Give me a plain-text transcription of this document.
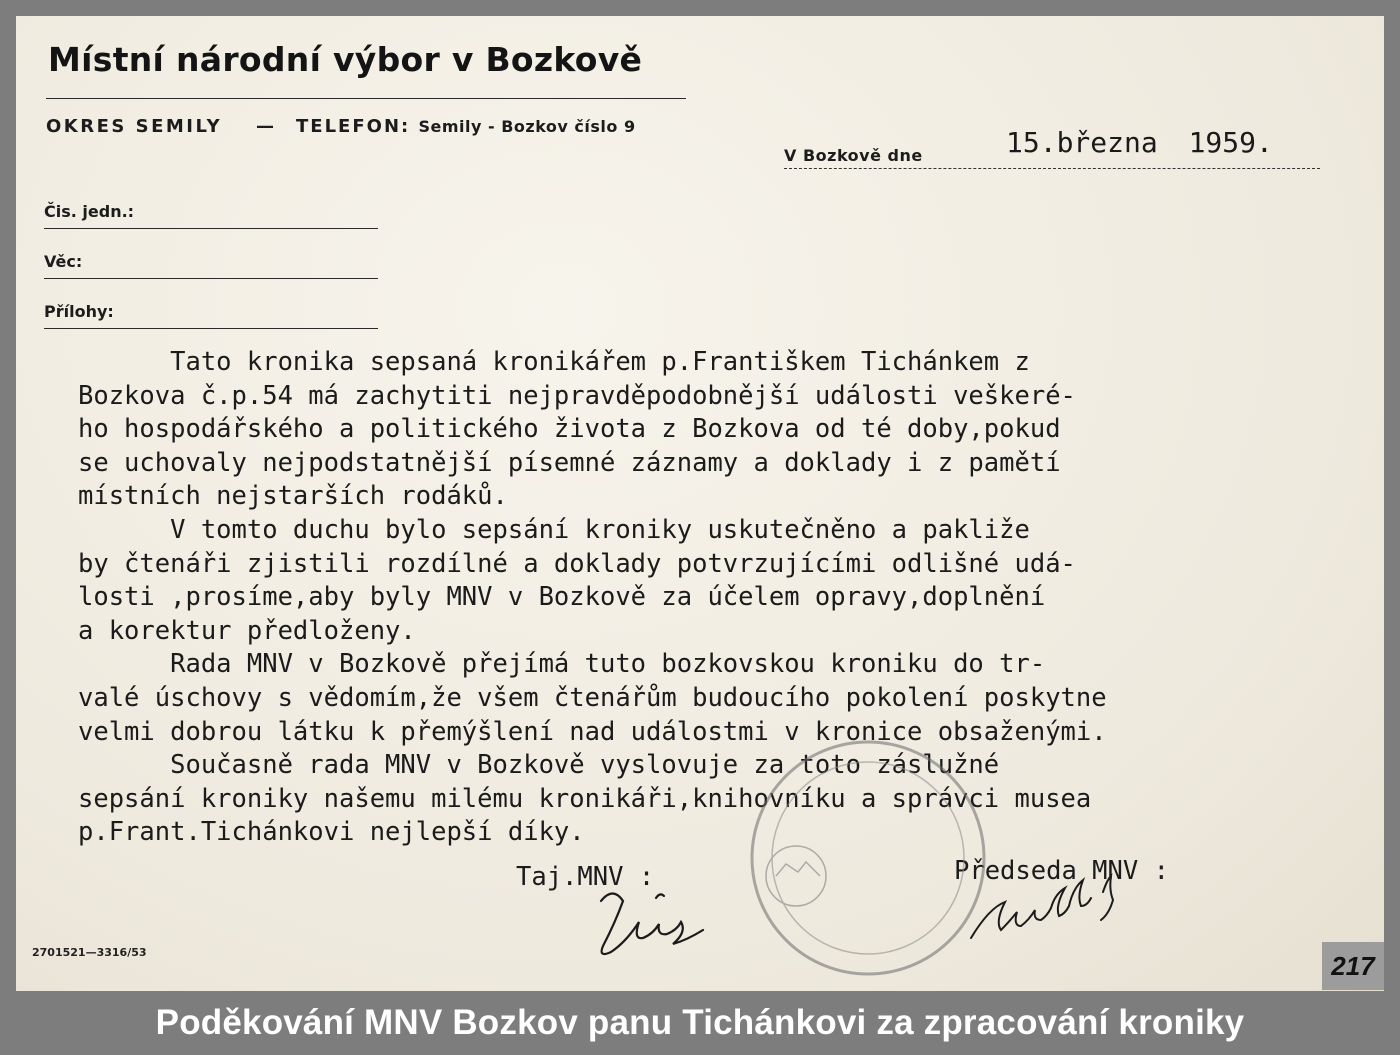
Místní národní výbor v Bozkově
OKRES SEMILY — TELEFON: Semily - Bozkov číslo 9
V Bozkově dne	15.března 1959.
Čis. jedn.:
Věc:
Přílohy:

Tato kronika sepsaná kronikářem p.Františkem Tichánkem z

Bozkova č.p.54 má zachytiti nejpravděpodobnější události veškeré-

ho hospodářského a politického života z Bozkova od té doby,pokud

se uchovaly nejpodstatnější písemné záznamy a doklady i z pamětí

místních nejstarších rodáků.

V tomto duchu bylo sepsání kroniky uskutečněno a pakliže

by čtenáři zjistili rozdílné a doklady potvrzujícími odlišné udá-

losti ,prosíme,aby byly MNV v Bozkově za účelem opravy,doplnění

a korektur předloženy.

Rada MNV v Bozkově přejímá tuto bozkovskou kroniku do tr-

valé úschovy s vědomím,že všem čtenářům budoucího pokolení poskytne

velmi dobrou látku k přemýšlení nad událostmi v kronice obsaženými.

Současně rada MNV v Bozkově vyslovuje za toto záslužné

sepsání kroniky našemu milému kronikáři,knihovníku a správci musea

p.Frant.Tichánkovi nejlepší díky.

Taj.MNV :	Předseda MNV :
2701521—3316/53	217
Poděkování MNV Bozkov panu Tichánkovi za zpracování kroniky
